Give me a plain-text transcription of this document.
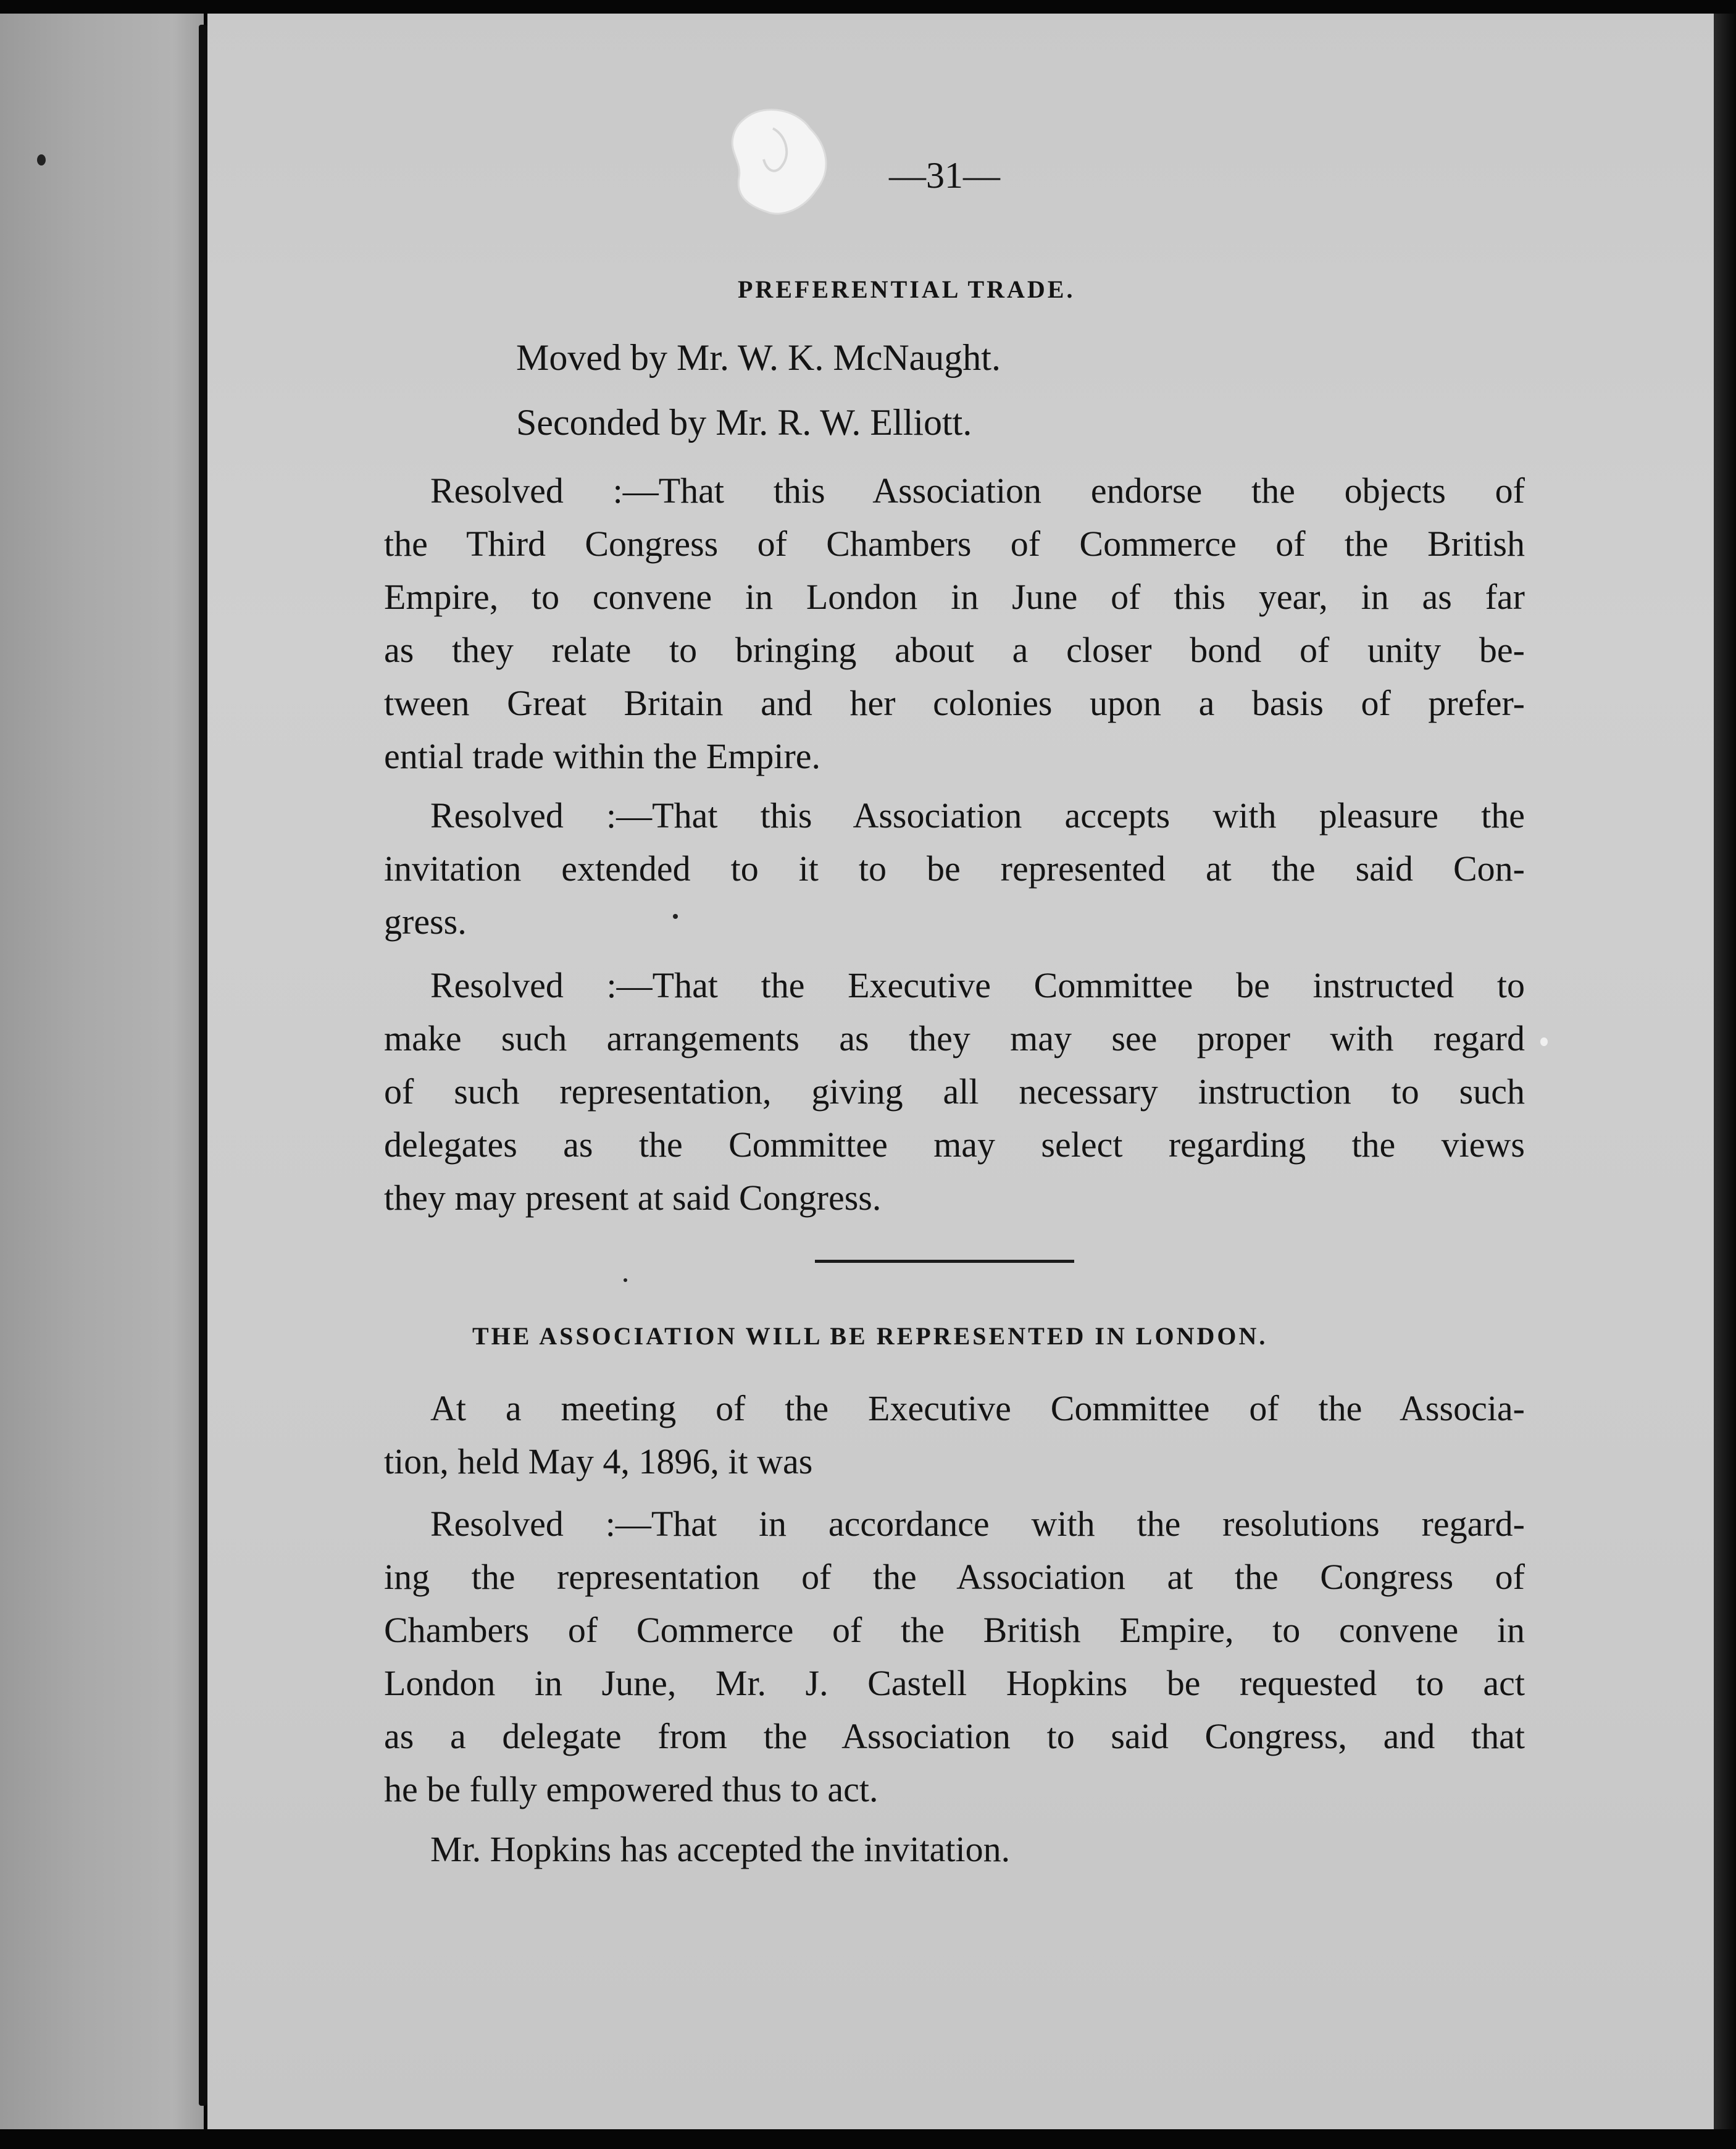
—31—
PREFERENTIAL TRADE.
Moved by Mr. W. K. McNaught.
Seconded by Mr. R. W. Elliott.
Resolved :—That this Association endorse the objects of
the Third Congress of Chambers of Commerce of the British
Empire, to convene in London in June of this year, in as far
as they relate to bringing about a closer bond of unity be-
tween Great Britain and her colonies upon a basis of prefer-
ential trade within the Empire.
Resolved :—That this Association accepts with pleasure the
invitation extended to it to be represented at the said Con-
gress.
Resolved :—That the Executive Committee be instructed to
make such arrangements as they may see proper with regard
of such representation, giving all necessary instruction to such
delegates as the Committee may select regarding the views
they may present at said Congress.
THE ASSOCIATION WILL BE REPRESENTED IN LONDON.
At a meeting of the Executive Committee of the Associa-
tion, held May 4, 1896, it was
Resolved :—That in accordance with the resolutions regard-
ing the representation of the Association at the Congress of
Chambers of Commerce of the British Empire, to convene in
London in June, Mr. J. Castell Hopkins be requested to act
as a delegate from the Association to said Congress, and that
he be fully empowered thus to act.
Mr. Hopkins has accepted the invitation.
